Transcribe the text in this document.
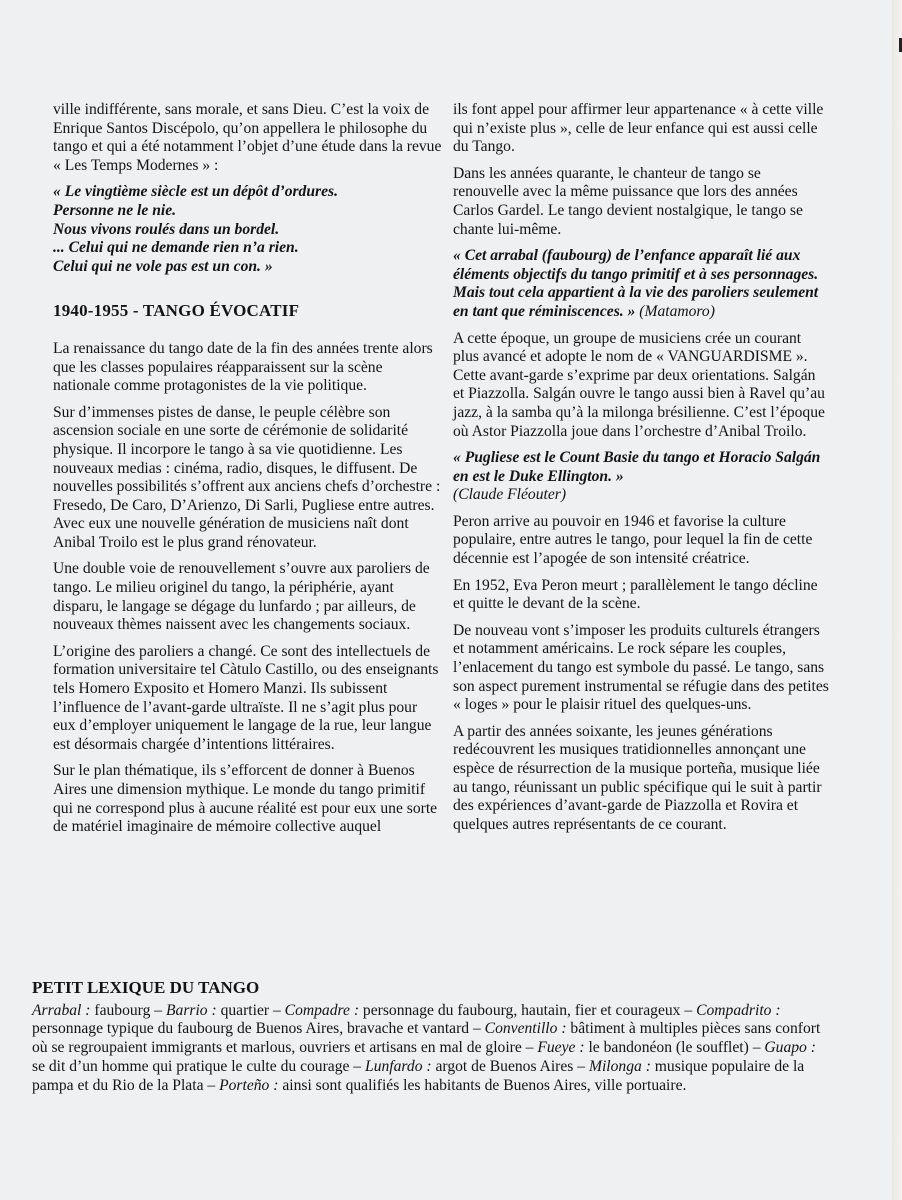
ville indifférente, sans morale, et sans Dieu. C’est la voix de Enrique Santos Discépolo, qu’on appellera le philosophe du tango et qui a été notamment l’objet d’une étude dans la revue « Les Temps Modernes » :

« Le vingtième siècle est un dépôt d’ordures.
Personne ne le nie.
Nous vivons roulés dans un bordel.
... Celui qui ne demande rien n’a rien.
Celui qui ne vole pas est un con. »
1940-1955 - TANGO ÉVOCATIF

La renaissance du tango date de la fin des années trente alors que les classes populaires réapparaissent sur la scène nationale comme protagonistes de la vie politique.

Sur d’immenses pistes de danse, le peuple célèbre son ascension sociale en une sorte de cérémonie de solidarité physique. Il incorpore le tango à sa vie quotidienne. Les nouveaux medias : cinéma, radio, disques, le diffusent. De nouvelles possibilités s’offrent aux anciens chefs d’orchestre : Fresedo, De Caro, D’Arienzo, Di Sarli, Pugliese entre autres. Avec eux une nouvelle génération de musiciens naît dont Anibal Troilo est le plus grand rénovateur.

Une double voie de renouvellement s’ouvre aux paroliers de tango. Le milieu originel du tango, la périphérie, ayant disparu, le langage se dégage du lunfardo ; par ailleurs, de nouveaux thèmes naissent avec les changements sociaux.

L’origine des paroliers a changé. Ce sont des intellectuels de formation universitaire tel Càtulo Castillo, ou des enseignants tels Homero Exposito et Homero Manzi. Ils subissent l’influence de l’avant-garde ultraïste. Il ne s’agit plus pour eux d’employer uniquement le langage de la rue, leur langue est désormais chargée d’intentions littéraires.

Sur le plan thématique, ils s’efforcent de donner à Buenos Aires une dimension mythique. Le monde du tango primitif qui ne correspond plus à aucune réalité est pour eux une sorte de matériel imaginaire de mémoire collective auquel

ils font appel pour affirmer leur appartenance « à cette ville qui n’existe plus », celle de leur enfance qui est aussi celle du Tango.

Dans les années quarante, le chanteur de tango se renouvelle avec la même puissance que lors des années Carlos Gardel. Le tango devient nostalgique, le tango se chante lui-même.

« Cet arrabal (faubourg) de l’enfance apparaît lié aux éléments objectifs du tango primitif et à ses personnages. Mais tout cela appartient à la vie des paroliers seulement en tant que réminiscences. » (Matamoro)

A cette époque, un groupe de musiciens crée un courant plus avancé et adopte le nom de « VANGUARDISME ». Cette avant-garde s’exprime par deux orientations. Salgán et Piazzolla. Salgán ouvre le tango aussi bien à Ravel qu’au jazz, à la samba qu’à la milonga brésilienne. C’est l’époque où Astor Piazzolla joue dans l’orchestre d’Anibal Troilo.

« Pugliese est le Count Basie du tango et Horacio Salgán en est le Duke Ellington. »
(Claude Fléouter)

Peron arrive au pouvoir en 1946 et favorise la culture populaire, entre autres le tango, pour lequel la fin de cette décennie est l’apogée de son intensité créatrice.

En 1952, Eva Peron meurt ; parallèlement le tango décline et quitte le devant de la scène.

De nouveau vont s’imposer les produits culturels étrangers et notamment américains. Le rock sépare les couples, l’enlacement du tango est symbole du passé. Le tango, sans son aspect purement instrumental se réfugie dans des petites « loges » pour le plaisir rituel des quelques-uns.

A partir des années soixante, les jeunes générations redécouvrent les musiques tratidionnelles annonçant une espèce de résurrection de la musique porteña, musique liée au tango, réunissant un public spécifique qui le suit à partir des expériences d’avant-garde de Piazzolla et Rovira et quelques autres représentants de ce courant.

PETIT LEXIQUE DU TANGO
Arrabal : faubourg – Barrio : quartier – Compadre : personnage du faubourg, hautain, fier et courageux – Compadrito : personnage typique du faubourg de Buenos Aires, bravache et vantard – Conventillo : bâtiment à multiples pièces sans confort où se regroupaient immigrants et marlous, ouvriers et artisans en mal de gloire – Fueye : le bandonéon (le soufflet) – Guapo : se dit d’un homme qui pratique le culte du courage – Lunfardo : argot de Buenos Aires – Milonga : musique populaire de la pampa et du Rio de la Plata – Porteño : ainsi sont qualifiés les habitants de Buenos Aires, ville portuaire.
